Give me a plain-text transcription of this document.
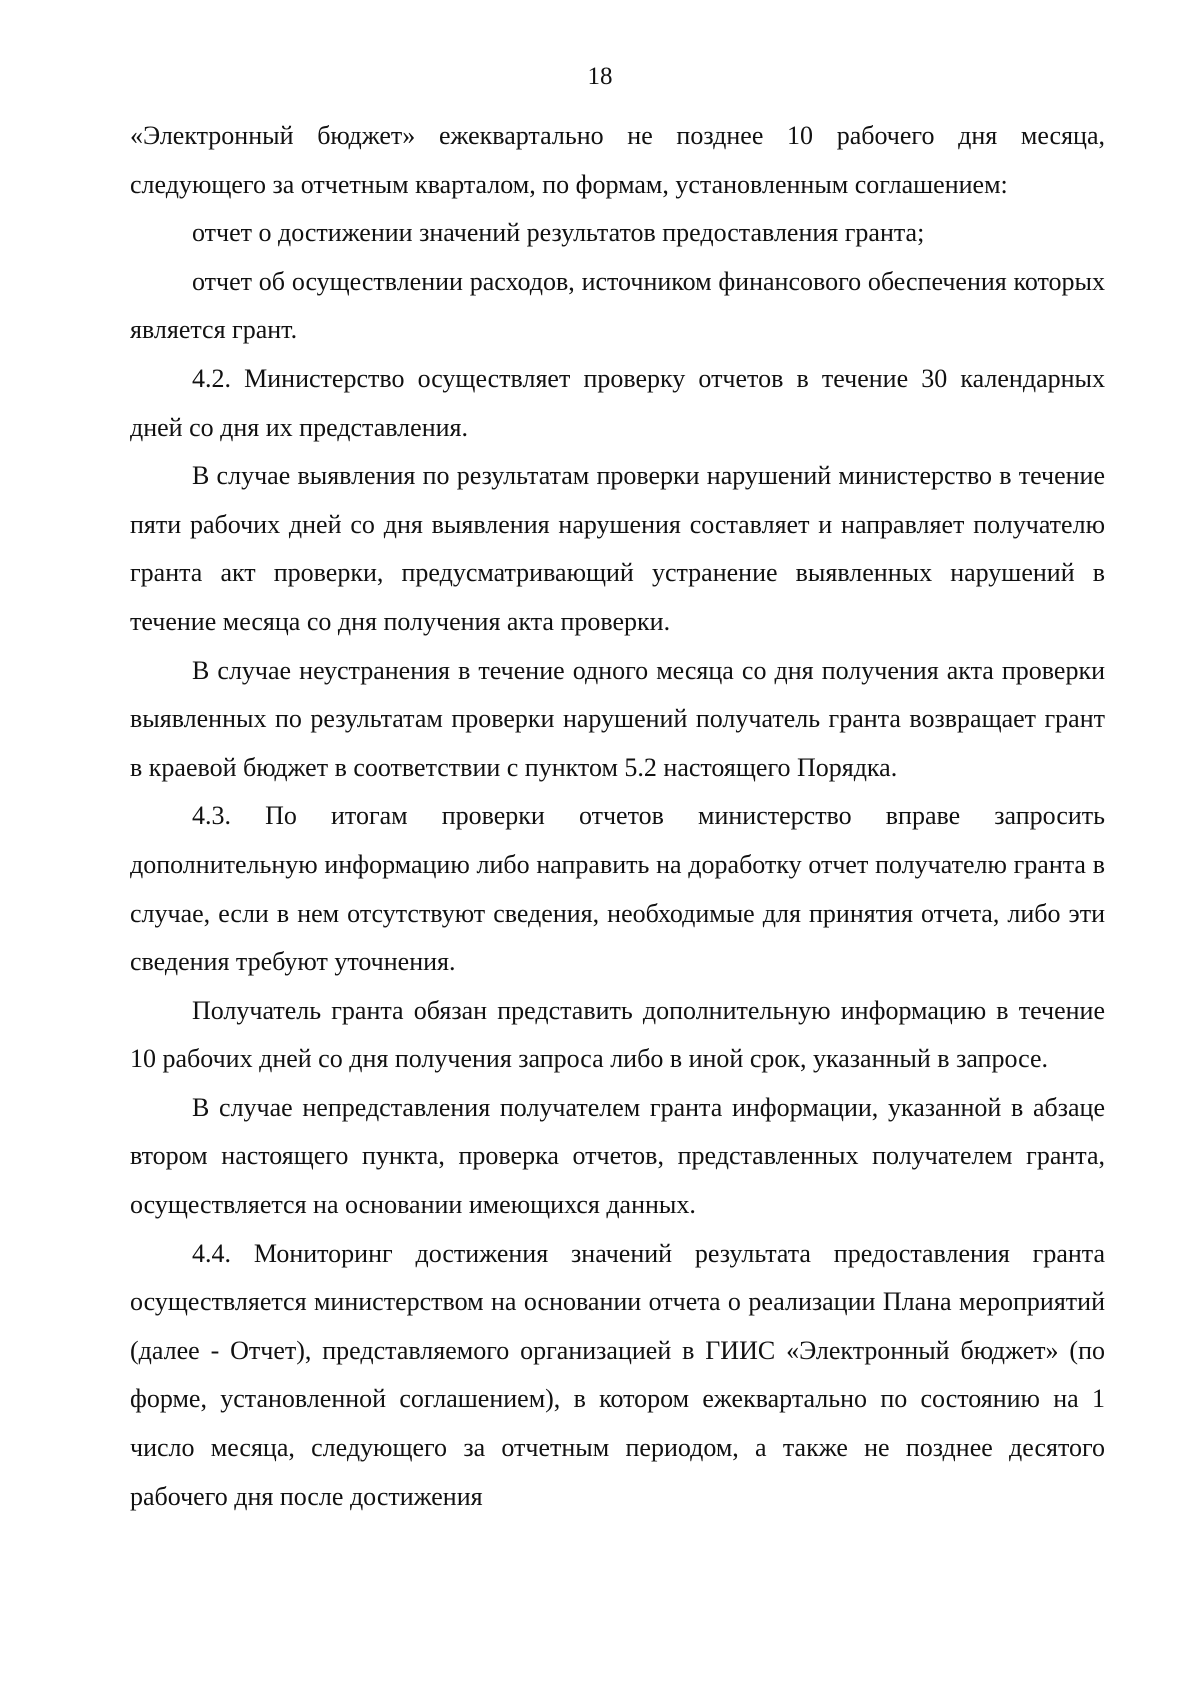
18

«Электронный бюджет» ежеквартально не позднее 10 рабочего дня месяца, следующего за отчетным кварталом, по формам, установленным соглашением:

отчет о достижении значений результатов предоставления гранта;

отчет об осуществлении расходов, источником финансового обеспечения которых является грант.

4.2. Министерство осуществляет проверку отчетов в течение 30 календарных дней со дня их представления.

В случае выявления по результатам проверки нарушений министерство в течение пяти рабочих дней со дня выявления нарушения составляет и направляет получателю гранта акт проверки, предусматривающий устранение выявленных нарушений в течение месяца со дня получения акта проверки.

В случае неустранения в течение одного месяца со дня получения акта проверки выявленных по результатам проверки нарушений получатель гранта возвращает грант в краевой бюджет в соответствии с пунктом 5.2 настоящего Порядка.

4.3. По итогам проверки отчетов министерство вправе запросить дополнительную информацию либо направить на доработку отчет получателю гранта в случае, если в нем отсутствуют сведения, необходимые для принятия отчета, либо эти сведения требуют уточнения.

Получатель гранта обязан представить дополнительную информацию в течение 10 рабочих дней со дня получения запроса либо в иной срок, указанный в запросе.

В случае непредставления получателем гранта информации, указанной в абзаце втором настоящего пункта, проверка отчетов, представленных получателем гранта, осуществляется на основании имеющихся данных.

4.4. Мониторинг достижения значений результата предоставления гранта осуществляется министерством на основании отчета о реализации Плана мероприятий (далее - Отчет), представляемого организацией в ГИИС «Электронный бюджет» (по форме, установленной соглашением), в котором ежеквартально по состоянию на 1 число месяца, следующего за отчетным периодом, а также не позднее десятого рабочего дня после достижения
